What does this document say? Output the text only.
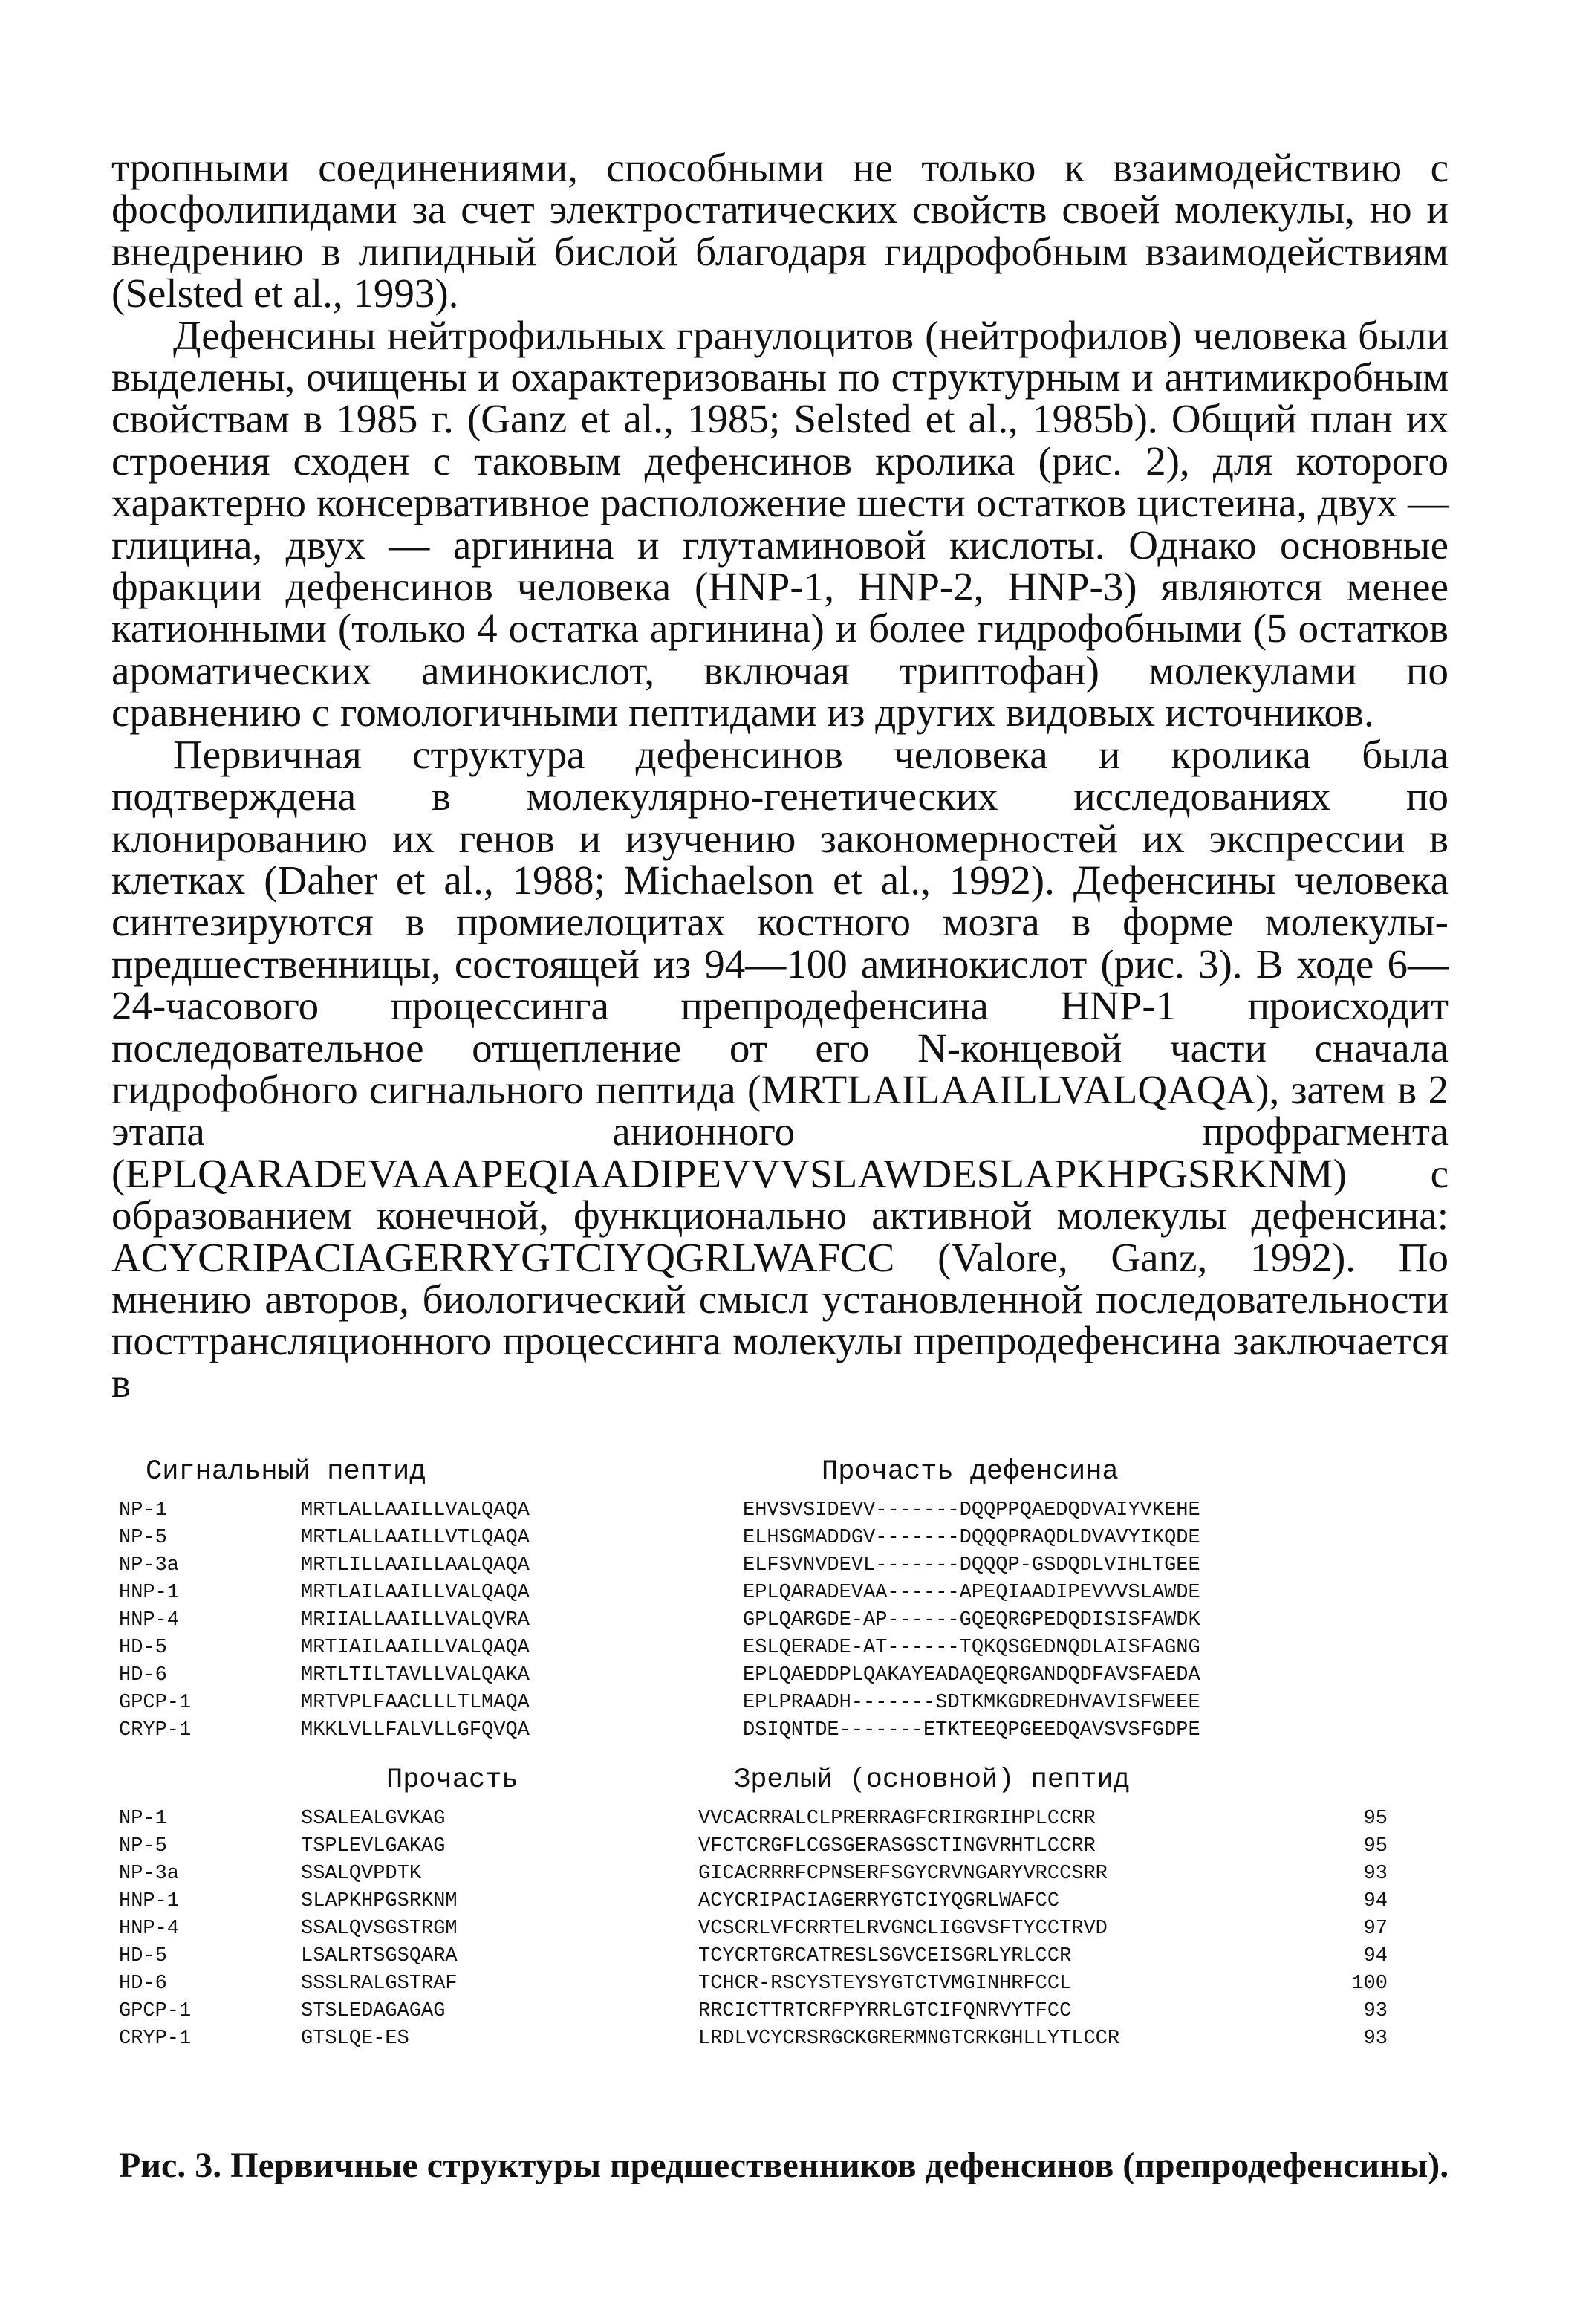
тропными соединениями, способными не только к взаимодействию с фосфолипидами за счет электростатических свойств своей молекулы, но и внедрению в липидный бислой благодаря гидрофобным взаимодействиям (Selsted et al., 1993).

Дефенсины нейтрофильных гранулоцитов (нейтрофилов) человека были выделены, очищены и охарактеризованы по структурным и антимикробным свойствам в 1985 г. (Ganz et al., 1985; Selsted et al., 1985b). Общий план их строения сходен с таковым дефенсинов кролика (рис. 2), для которого характерно консервативное расположение шести остатков цистеина, двух — глицина, двух — аргинина и глутаминовой кислоты. Однако основные фракции дефенсинов человека (HNP-1, HNP-2, HNP-3) являются менее катионными (только 4 остатка аргинина) и более гидрофобными (5 остатков ароматических аминокислот, включая триптофан) молекулами по сравнению с гомологичными пептидами из других видовых источников.

Первичная структура дефенсинов человека и кролика была подтверждена в молекулярно-генетических исследованиях по клонированию их генов и изучению закономерностей их экспрессии в клетках (Daher et al., 1988; Michaelson et al., 1992). Дефенсины человека синтезируются в промиелоцитах костного мозга в форме молекулы-предшественницы, состоящей из 94—100 аминокислот (рис. 3). В ходе 6—24-часового процессинга препродефенсина HNP-1 происходит последовательное отщепление от его N-концевой части сначала гидрофобного сигнального пептида (MRTLAILAAILLVALQAQA), затем в 2 этапа анионного профрагмента (EPLQARADEVAAAPEQIAADIPEVVVSLAWDESLAPKHPGSRKNM) с образованием конечной, функционально активной молекулы дефенсина: ACYCRIPACIAGERRYGTCIYQGRLWAFCC (Valore, Ganz, 1992). По мнению авторов, биологический смысл установленной последовательности посттрансляционного процессинга молекулы препродефенсина заключается в

Сигнальный пептид	Прочасть дефенсина
NP-1	MRTLALLAAILLVALQAQA	EHVSVSIDEVV-------DQQPPQAEDQDVAIYVKEHE
NP-5	MRTLALLAAILLVTLQAQA	ELHSGMADDGV-------DQQQPRAQDLDVAVYIKQDE
NP-3a	MRTLILLAAILLAALQAQA	ELFSVNVDEVL-------DQQQP-GSDQDLVIHLTGEE
HNP-1	MRTLAILAAILLVALQAQA	EPLQARADEVAA------APEQIAADIPEVVVSLAWDE
HNP-4	MRIIALLAAILLVALQVRA	GPLQARGDE-AP------GQEQRGPEDQDISISFAWDK
HD-5	MRTIAILAAILLVALQAQA	ESLQERADE-AT------TQKQSGEDNQDLAISFAGNG
HD-6	MRTLTILTAVLLVALQAKA	EPLQAEDDPLQAKAYEADAQEQRGANDQDFAVSFAEDA
GPCP-1	MRTVPLFAACLLLTLMAQA	EPLPRAADH-------SDTKMKGDREDHVAVISFWEEE
CRYP-1	MKKLVLLFALVLLGFQVQA	DSIQNTDE-------ETKTEEQPGEEDQAVSVSFGDPE
Прочасть	Зрелый (основной) пептид
NP-1	SSALEALGVKAG	VVCACRRALCLPRERRAGFCRIRGRIHPLCCRR	95
NP-5	TSPLEVLGAKAG	VFCTCRGFLCGSGERASGSCTINGVRHTLCCRR	95
NP-3a	SSALQVPDTK	GICACRRRFCPNSERFSGYCRVNGARYVRCCSRR	93
HNP-1	SLAPKHPGSRKNM	ACYCRIPACIAGERRYGTCIYQGRLWAFCC	94
HNP-4	SSALQVSGSTRGM	VCSCRLVFCRRTELRVGNCLIGGVSFTYCCTRVD	97
HD-5	LSALRTSGSQARA	TCYCRTGRCATRESLSGVCEISGRLYRLCCR	94
HD-6	SSSLRALGSTRAF	TCHCR-RSCYSTEYSYGTCTVMGINHRFCCL	100
GPCP-1	STSLEDAGAGAG	RRCICTTRTCRFPYRRLGTCIFQNRVYTFCC	93
CRYP-1	GTSLQE-ES	LRDLVCYCRSRGCKGRERMNGTCRKGHLLYTLCCR	93
Рис. 3. Первичные структуры предшественников дефенсинов (препродефенсины).
